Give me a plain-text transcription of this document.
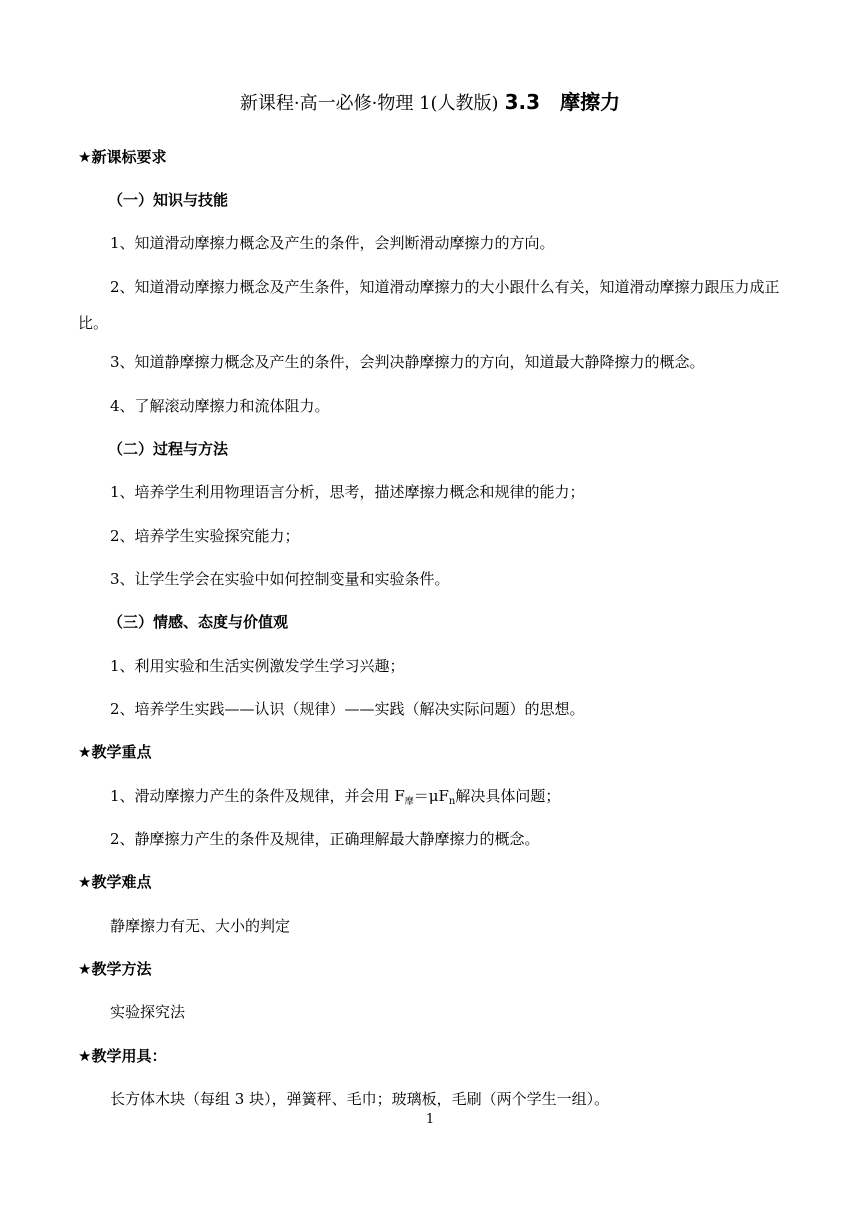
新课程·高一必修·物理 1(人教版) 3.3　摩擦力
★新课标要求
（一）知识与技能
1、知道滑动摩擦力概念及产生的条件，会判断滑动摩擦力的方向。
2、知道滑动摩擦力概念及产生条件，知道滑动摩擦力的大小跟什么有关，知道滑动摩擦力跟压力成正比。
3、知道静摩擦力概念及产生的条件，会判决静摩擦力的方向，知道最大静降擦力的概念。
4、了解滚动摩擦力和流体阻力。
（二）过程与方法
1、培养学生利用物理语言分析，思考，描述摩擦力概念和规律的能力；
2、培养学生实验探究能力；
3、让学生学会在实验中如何控制变量和实验条件。
（三）情感、态度与价值观
1、利用实验和生活实例激发学生学习兴趣；
2、培养学生实践——认识（规律）——实践（解决实际问题）的思想。
★教学重点
1、滑动摩擦力产生的条件及规律，并会用 $F_摩=\mu F_n$解决具体问题；
2、静摩擦力产生的条件及规律，正确理解最大静摩擦力的概念。
★教学难点
静摩擦力有无、大小的判定
★教学方法
实验探究法
★教学用具：
长方体木块（每组 3 块），弹簧秤、毛巾；玻璃板，毛刷（两个学生一组）。
1
